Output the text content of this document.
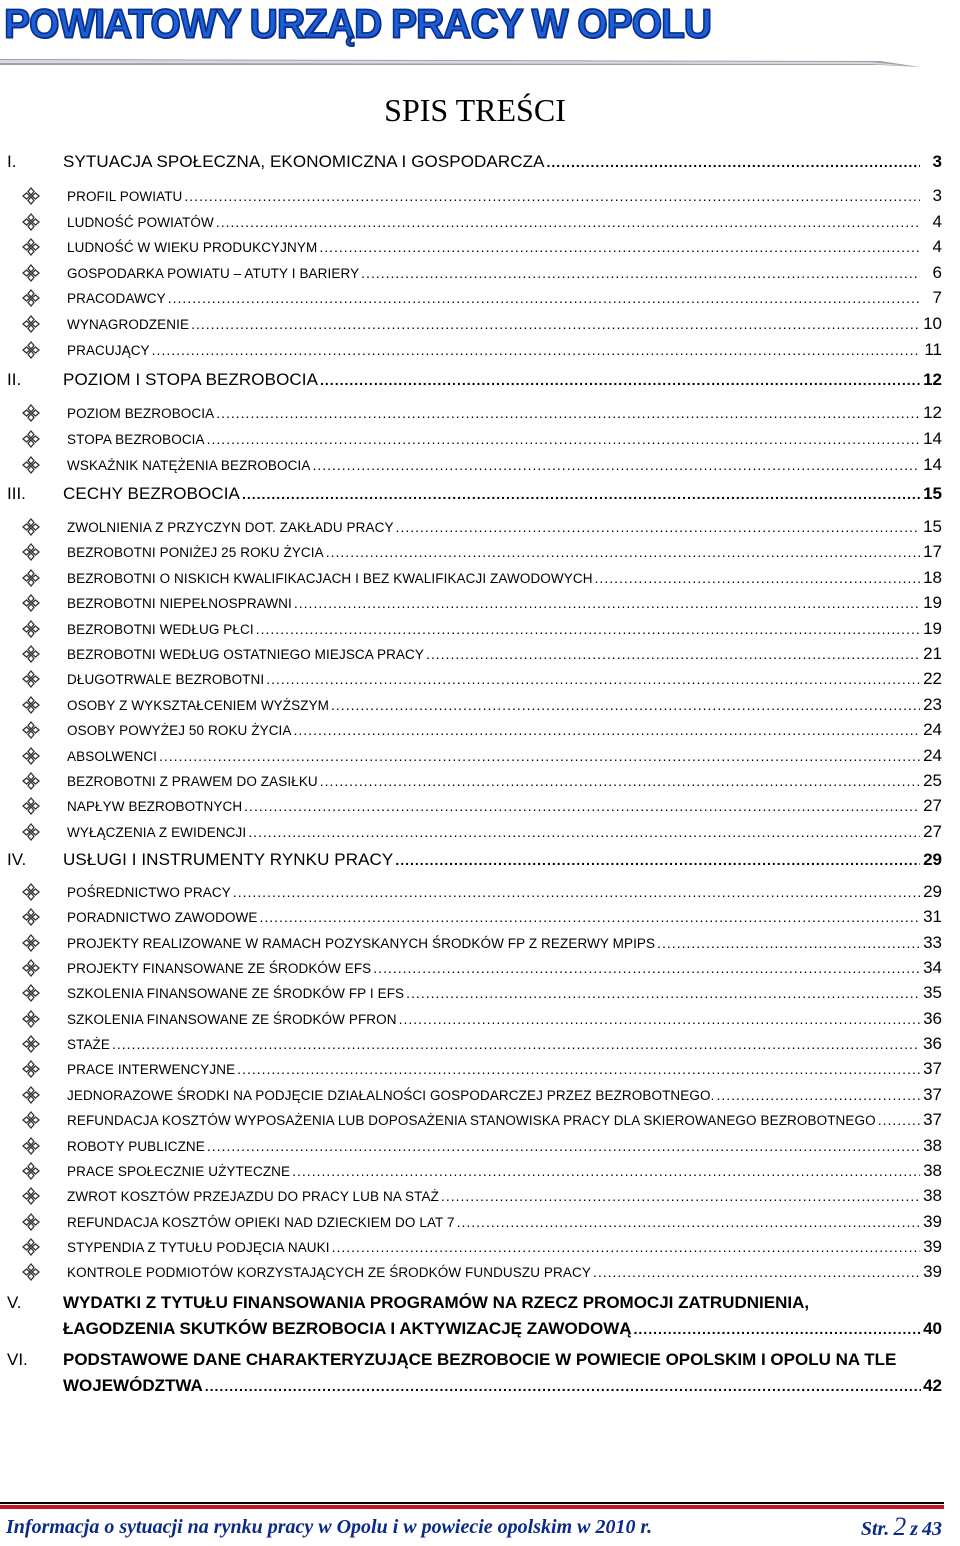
POWIATOWY URZĄD PRACY W OPOLU
SPIS TREŚCI
I.	SYTUACJA SPOŁECZNA, EKONOMICZNA I GOSPODARCZA .....	3
PROFIL POWIATU .....	3
LUDNOŚĆ POWIATÓW .....	4
LUDNOŚĆ W WIEKU PRODUKCYJNYM .....	4
GOSPODARKA POWIATU – ATUTY I BARIERY .....	6
PRACODAWCY .....	7
WYNAGRODZENIE .....	10
PRACUJĄCY .....	11
II. POZIOM I STOPA BEZROBOCIA .....	12
POZIOM BEZROBOCIA .....	12
STOPA BEZROBOCIA .....	14
WSKAŹNIK NATĘŻENIA BEZROBOCIA .....	14
III. CECHY BEZROBOCIA .....	15
ZWOLNIENIA Z PRZYCZYN DOT. ZAKŁADU PRACY .....	15
BEZROBOTNI PONIŻEJ 25 ROKU ŻYCIA .....	17
BEZROBOTNI O NISKICH KWALIFIKACJACH I BEZ KWALIFIKACJI ZAWODOWYCH .....	18
BEZROBOTNI NIEPEŁNOSPRAWNI .....	19
BEZROBOTNI WEDŁUG PŁCI .....	19
BEZROBOTNI WEDŁUG OSTATNIEGO MIEJSCA PRACY .....	21
DŁUGOTRWALE BEZROBOTNI .....	22
OSOBY Z WYKSZTAŁCENIEM WYŻSZYM .....	23
OSOBY POWYŻEJ 50 ROKU ŻYCIA .....	24
ABSOLWENCI .....	24
BEZROBOTNI Z PRAWEM DO ZASIŁKU .....	25
NAPŁYW BEZROBOTNYCH .....	27
WYŁĄCZENIA Z EWIDENCJI .....	27
IV. USŁUGI I INSTRUMENTY RYNKU PRACY .....	29
POŚREDNICTWO PRACY .....	29
PORADNICTWO ZAWODOWE .....	31
PROJEKTY REALIZOWANE W RAMACH POZYSKANYCH ŚRODKÓW FP Z REZERWY MPIPS .....	33
PROJEKTY FINANSOWANE ZE ŚRODKÓW EFS .....	34
SZKOLENIA FINANSOWANE ZE ŚRODKÓW FP I EFS .....	35
SZKOLENIA FINANSOWANE ZE ŚRODKÓW PFRON .....	36
STAŻE .....	36
PRACE INTERWENCYJNE .....	37
JEDNORAZOWE ŚRODKI NA PODJĘCIE DZIAŁALNOŚCI GOSPODARCZEJ PRZEZ BEZROBOTNEGO. .....	37
REFUNDACJA KOSZTÓW WYPOSAŻENIA LUB DOPOSAŻENIA STANOWISKA PRACY DLA SKIEROWANEGO BEZROBOTNEGO .....	37
ROBOTY PUBLICZNE .....	38
PRACE SPOŁECZNIE UŻYTECZNE .....	38
ZWROT KOSZTÓW PRZEJAZDU DO PRACY LUB NA STAŻ .....	38
REFUNDACJA KOSZTÓW OPIEKI NAD DZIECKIEM DO LAT 7 .....	39
STYPENDIA Z TYTUŁU PODJĘCIA NAUKI .....	39
KONTROLE PODMIOTÓW KORZYSTAJĄCYCH ZE ŚRODKÓW FUNDUSZU PRACY .....	39
V. WYDATKI Z TYTUŁU FINANSOWANIA PROGRAMÓW NA RZECZ PROMOCJI ZATRUDNIENIA,
ŁAGODZENIA SKUTKÓW BEZROBOCIA I AKTYWIZACJĘ ZAWODOWĄ .....	40
VI. PODSTAWOWE DANE CHARAKTERYZUJĄCE BEZROBOCIE W POWIECIE OPOLSKIM I OPOLU NA TLE
WOJEWÓDZTWA .....	42
Informacja o sytuacji na rynku pracy w Opolu i w powiecie opolskim w 2010 r.	Str. 2 z 43
